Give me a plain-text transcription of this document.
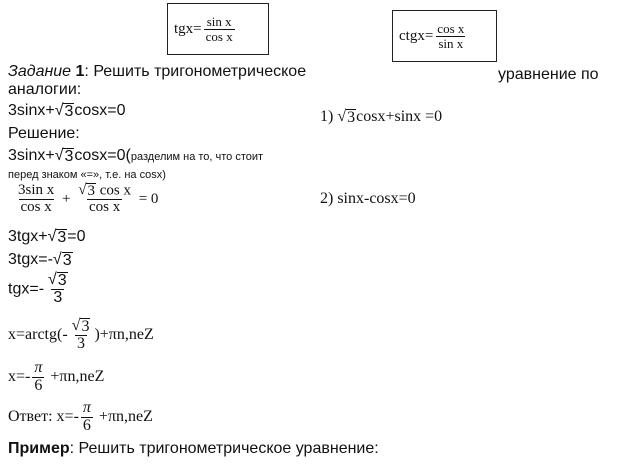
$tgx= \frac{\text{sin x}}{\text{cos x}}$	ctgx= $\frac{\text{cos x}}{\text{sin x}}$
Задание 1: Решить тригонометрическое	уравнение по
аналогии:
3sinx+ √ 3 cosx=0	1) √ 3 cosx+sinx =0
Решение:
3sinx+ √ 3 cosx=0(разделим на то, что стоит
перед знаком «=», т.е. на cosx)
$\frac{\text{3sin x}}{\text{cos x}} + \frac{\text{√ 3 cos x}}{\text{cos x}} = 0$	2) sinx-cosx=0
3tgx+ √ 3 =0
3tgx=- √ 3
$tgx=- \frac{√ 3}{3}$
x=arctg(- $\frac{√ 3}{3} )+\pi n,neZ$
$x=- \frac{\pi}{6} +\pi n,neZ$
Ответ: $x=- \frac{\pi}{6} +\pi n,neZ$
Пример: Решить тригонометрическое уравнение:
